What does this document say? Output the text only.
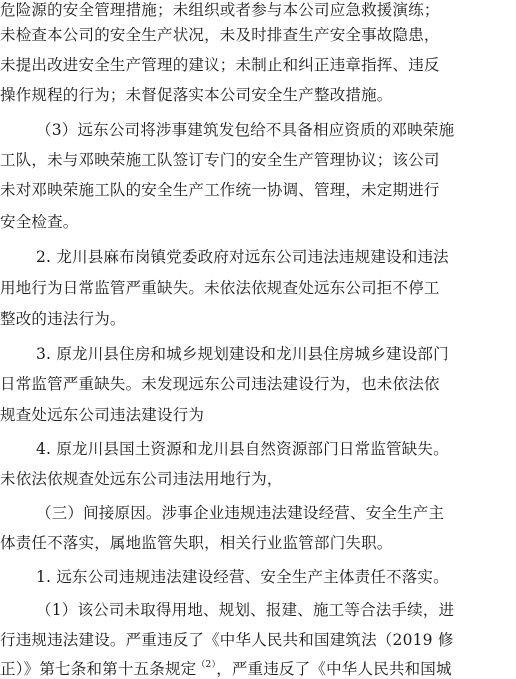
危险源的安全管理措施；未组织或者参与本公司应急救援演练；
未检查本公司的安全生产状况，未及时排查生产安全事故隐患，
未提出改进安全生产管理的建议；未制止和纠正违章指挥、违反
操作规程的行为；未督促落实本公司安全生产整改措施。
（3）远东公司将涉事建筑发包给不具备相应资质的邓映荣施
工队，未与邓映荣施工队签订专门的安全生产管理协议；该公司
未对邓映荣施工队的安全生产工作统一协调、管理，未定期进行
安全检查。
2. 龙川县麻布岗镇党委政府对远东公司违法违规建设和违法
用地行为日常监管严重缺失。未依法依规查处远东公司拒不停工
整改的违法行为。
3. 原龙川县住房和城乡规划建设和龙川县住房城乡建设部门
日常监管严重缺失。未发现远东公司违法建设行为，也未依法依
规查处远东公司违法建设行为
4. 原龙川县国土资源和龙川县自然资源部门日常监管缺失。
未依法依规查处远东公司违法用地行为，
（三）间接原因。涉事企业违规违法建设经营、安全生产主
体责任不落实，属地监管失职，相关行业监管部门失职。
1. 远东公司违规违法建设经营、安全生产主体责任不落实。
（1）该公司未取得用地、规划、报建、施工等合法手续，进
行违规违法建设。严重违反了《中华人民共和国建筑法（2019 修
正）》第七条和第十五条规定$^{(2)}$，严重违反了《中华人民共和国城
